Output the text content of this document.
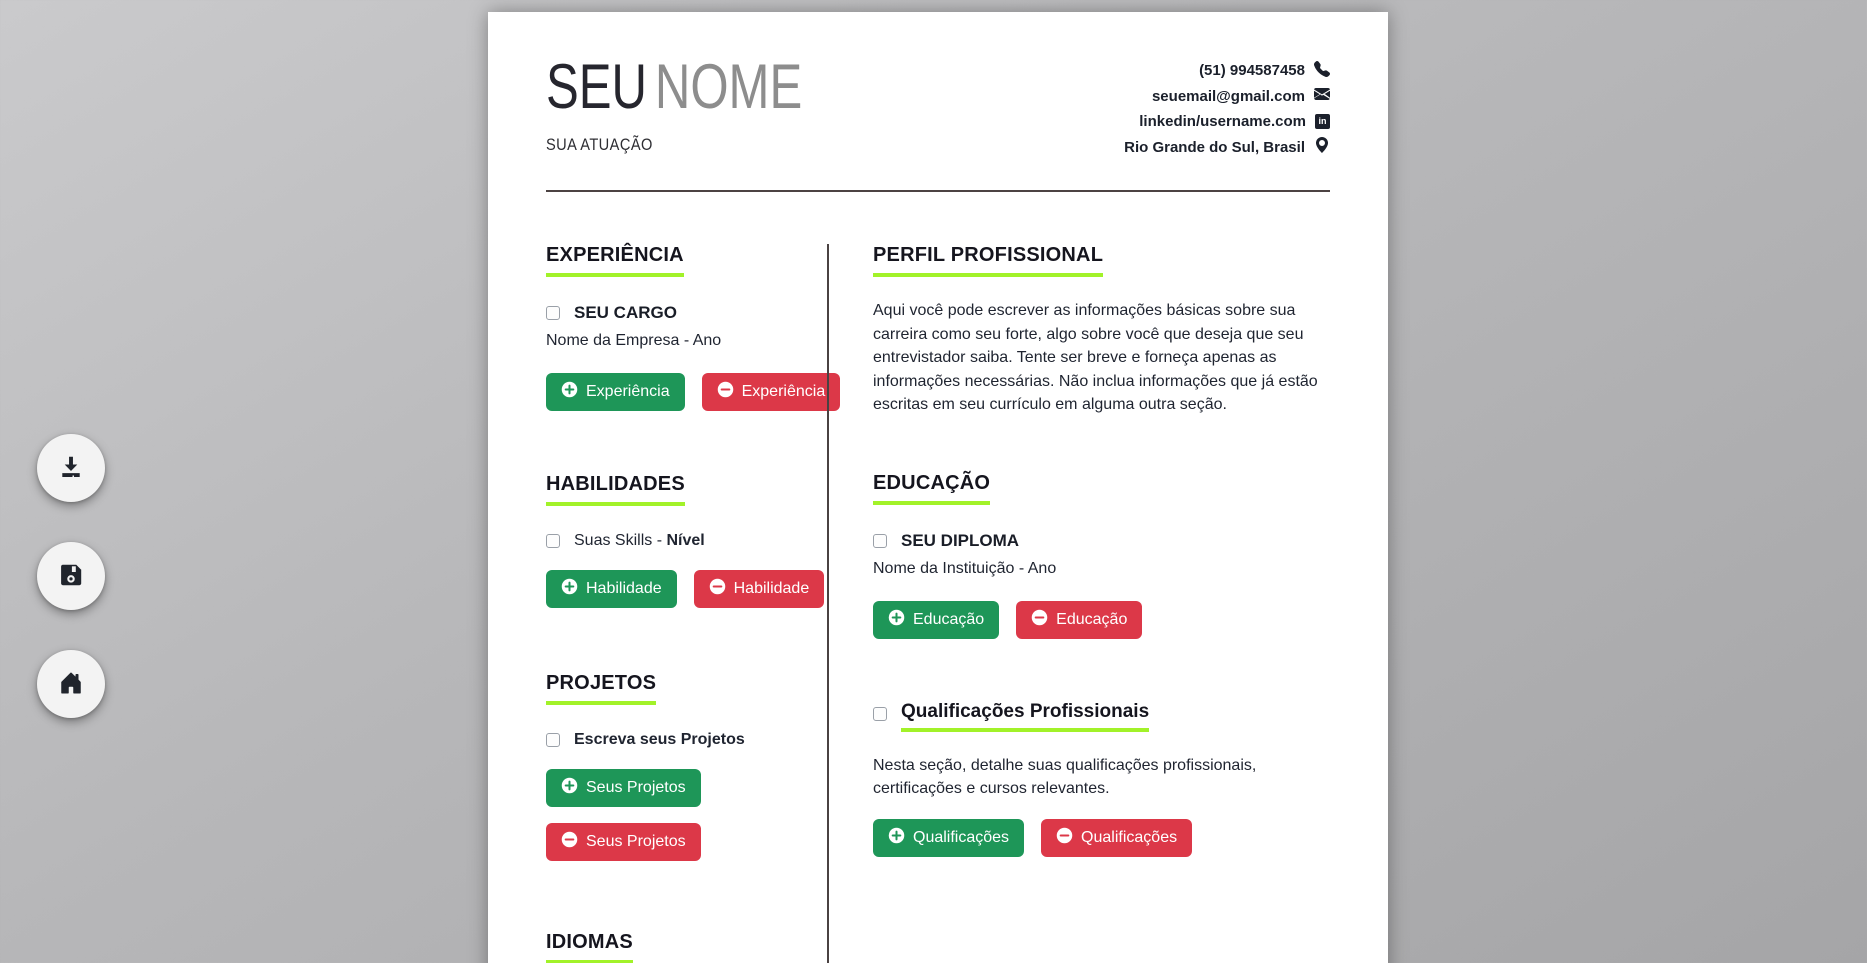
SEU NOME
SUA ATUAÇÃO
(51) 994587458
seuemail@gmail.com
linkedin/username.com	in
Rio Grande do Sul, Brasil
EXPERIÊNCIA
SEU CARGO
Nome da Empresa - Ano
Experiência	Experiência
HABILIDADES
Suas Skills - Nível
Habilidade	Habilidade
PROJETOS
Escreva seus Projetos
Seus Projetos
Seus Projetos
IDIOMAS
PERFIL PROFISSIONAL

Aqui você pode escrever as informações básicas sobre sua carreira como seu forte, algo sobre você que deseja que seu entrevistador saiba. Tente ser breve e forneça apenas as informações necessárias. Não inclua informações que já estão escritas em seu currículo em alguma outra seção.

EDUCAÇÃO
SEU DIPLOMA
Nome da Instituição - Ano
Educação	Educação
Qualificações Profissionais

Nesta seção, detalhe suas qualificações profissionais, certificações e cursos relevantes.

Qualificações	Qualificações
